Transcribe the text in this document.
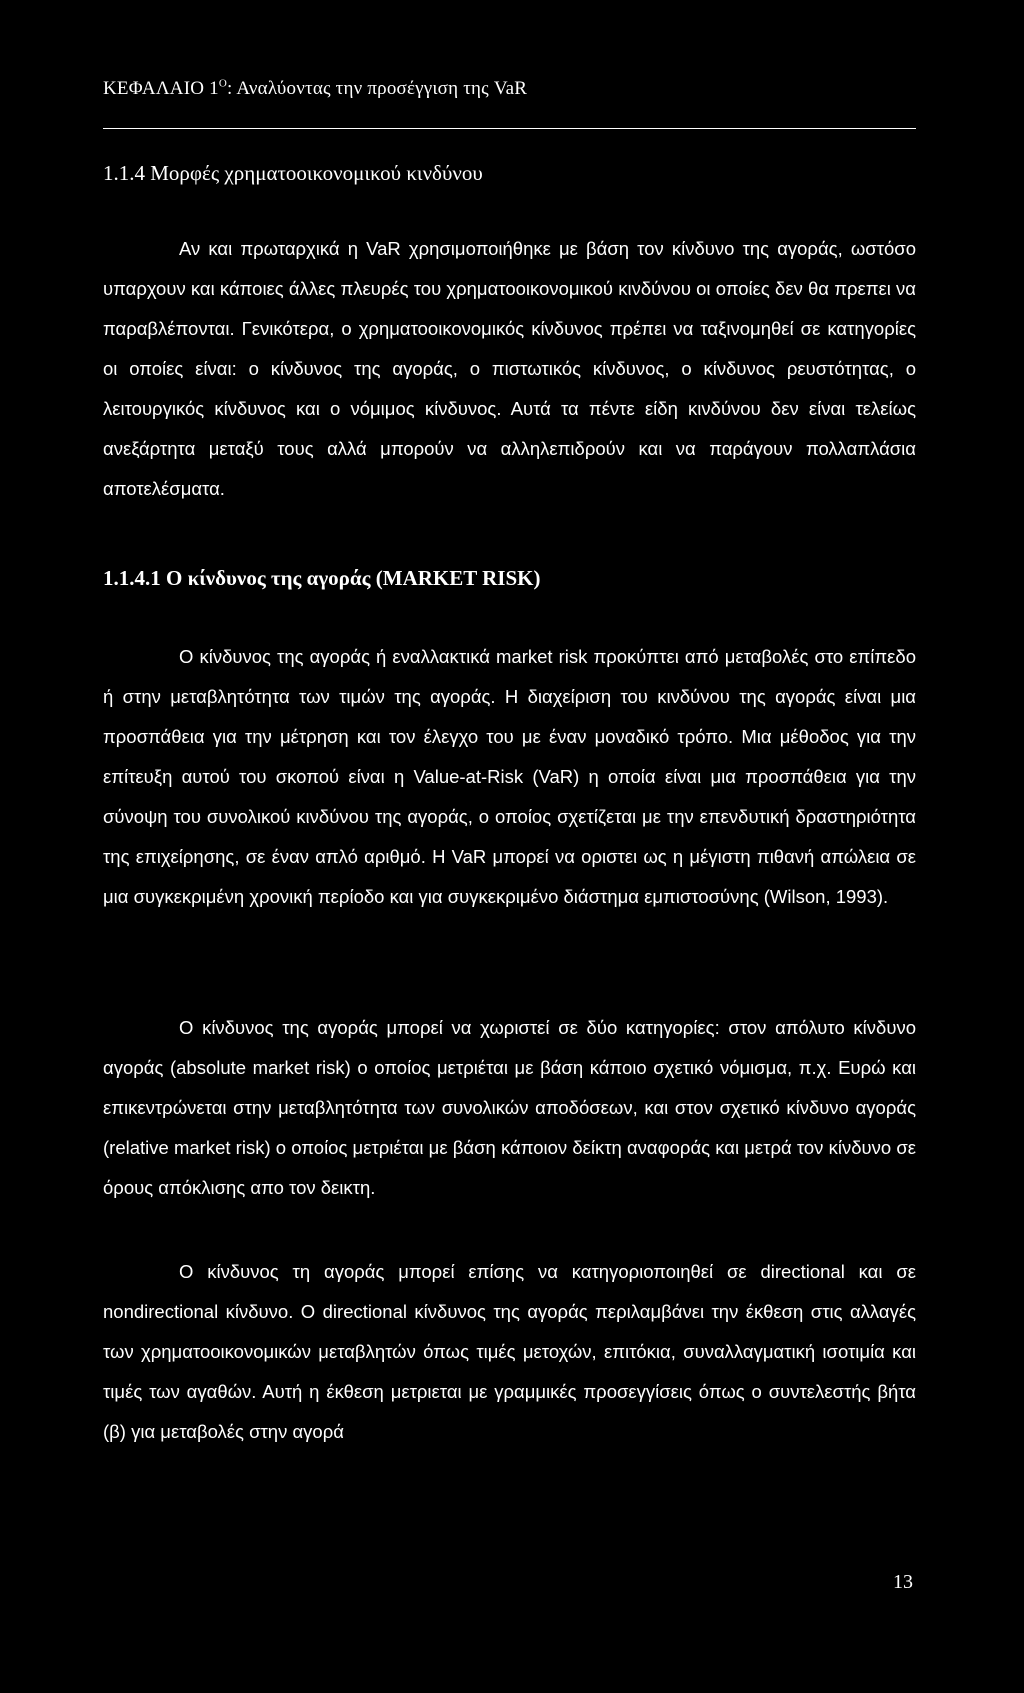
ΚΕΦΑΛΑΙΟ $1^O$: Αναλύοντας την προσέγγιση της VaR
1.1.4 Μορφές χρηματοοικονομικού κινδύνου

Αν και πρωταρχικά η VaR χρησιμοποιήθηκε με βάση τον κίνδυνο της αγοράς, ωστόσο υπαρχουν και κάποιες άλλες πλευρές του χρηματοοικονομικού κινδύνου οι οποίες δεν θα πρεπει να παραβλέπονται. Γενικότερα, ο χρηματοοικονομικός κίνδυνος πρέπει να ταξινομηθεί σε κατηγορίες οι οποίες είναι: ο κίνδυνος της αγοράς, ο πιστωτικός κίνδυνος, ο κίνδυνος ρευστότητας, ο λειτουργικός κίνδυνος και ο νόμιμος κίνδυνος. Αυτά τα πέντε είδη κινδύνου δεν είναι τελείως ανεξάρτητα μεταξύ τους αλλά μπορούν να αλληλεπιδρούν και να παράγουν πολλαπλάσια αποτελέσματα.

1.1.4.1 Ο κίνδυνος της αγοράς (MARKET RISK)

Ο κίνδυνος της αγοράς ή εναλλακτικά market risk προκύπτει από μεταβολές στο επίπεδο ή στην μεταβλητότητα των τιμών της αγοράς. Η διαχείριση του κινδύνου της αγοράς είναι μια προσπάθεια για την μέτρηση και τον έλεγχο του με έναν μοναδικό τρόπο. Μια μέθοδος για την επίτευξη αυτού του σκοπού είναι η Value-at-Risk (VaR) η οποία είναι μια προσπάθεια για την σύνοψη του συνολικού κινδύνου της αγοράς, ο οποίος σχετίζεται με την επενδυτική δραστηριότητα της επιχείρησης, σε έναν απλό αριθμό. Η VaR μπορεί να οριστει ως η μέγιστη πιθανή απώλεια σε μια συγκεκριμένη χρονική περίοδο και για συγκεκριμένο διάστημα εμπιστοσύνης (Wilson, 1993).

Ο κίνδυνος της αγοράς μπορεί να χωριστεί σε δύο κατηγορίες: στον απόλυτο κίνδυνο αγοράς (absolute market risk) ο οποίος μετριέται με βάση κάποιο σχετικό νόμισμα, π.χ. Ευρώ και επικεντρώνεται στην μεταβλητότητα των συνολικών αποδόσεων, και στον σχετικό κίνδυνο αγοράς (relative market risk) ο οποίος μετριέται με βάση κάποιον δείκτη αναφοράς και μετρά τον κίνδυνο σε όρους απόκλισης απο τον δεικτη.

Ο κίνδυνος τη αγοράς μπορεί επίσης να κατηγοριοποιηθεί σε directional και σε nondirectional κίνδυνο. Ο directional κίνδυνος της αγοράς περιλαμβάνει την έκθεση στις αλλαγές των χρηματοοικονομικών μεταβλητών όπως τιμές μετοχών, επιτόκια, συναλλαγματική ισοτιμία και τιμές των αγαθών. Αυτή η έκθεση μετριεται με γραμμικές προσεγγίσεις όπως ο συντελεστής βήτα (β) για μεταβολές στην αγορά

13
